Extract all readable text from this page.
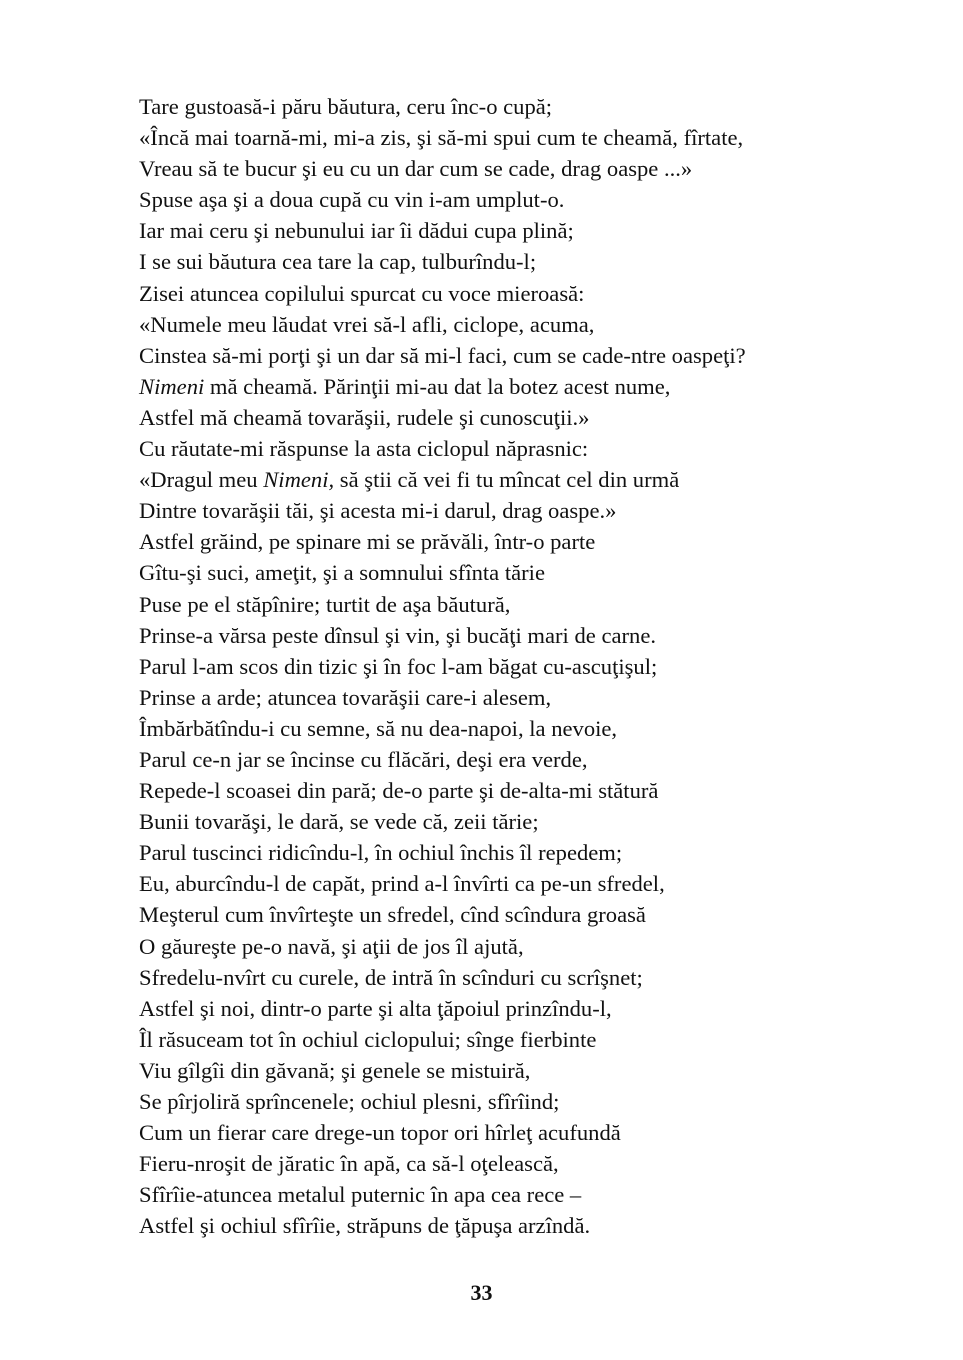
Tare gustoasă-i păru băutura, ceru înc-o cupă;
«Încă mai toarnă-mi, mi-a zis, şi să-mi spui cum te cheamă, fîrtate,
Vreau să te bucur şi eu cu un dar cum se cade, drag oaspe ...»
Spuse aşa şi a doua cupă cu vin i-am umplut-o.
Iar mai ceru şi nebunului iar îi dădui cupa plină;
I se sui băutura cea tare la cap, tulburîndu-l;
Zisei atuncea copilului spurcat cu voce mieroasă:
«Numele meu lăudat vrei să-l afli, ciclope, acuma,
Cinstea să-mi porţi şi un dar să mi-l faci, cum se cade-ntre oaspeţi?
Nimeni mă cheamă. Părinţii mi-au dat la botez acest nume,
Astfel mă cheamă tovarăşii, rudele şi cunoscuţii.»
Cu răutate-mi răspunse la asta ciclopul năprasnic:
«Dragul meu Nimeni, să ştii că vei fi tu mîncat cel din urmă
Dintre tovarăşii tăi, şi acesta mi-i darul, drag oaspe.»
Astfel grăind, pe spinare mi se prăvăli, într-o parte
Gîtu-şi suci, ameţit, şi a somnului sfînta tărie
Puse pe el stăpînire; turtit de aşa băutură,
Prinse-a vărsa peste dînsul şi vin, şi bucăţi mari de carne.
Parul l-am scos din tizic şi în foc l-am băgat cu-ascuţişul;
Prinse a arde; atuncea tovarăşii care-i alesem,
Îmbărbătîndu-i cu semne, să nu dea-napoi, la nevoie,
Parul ce-n jar se încinse cu flăcări, deşi era verde,
Repede-l scoasei din pară; de-o parte şi de-alta-mi stătură
Bunii tovarăşi, le dară, se vede că, zeii tărie;
Parul tuscinci ridicîndu-l, în ochiul închis îl repedem;
Eu, aburcîndu-l de capăt, prind a-l învîrti ca pe-un sfredel,
Meşterul cum învîrteşte un sfredel, cînd scîndura groasă
O găureşte pe-o navă, şi aţii de jos îl ajută,
Sfredelu-nvîrt cu curele, de intră în scînduri cu scrîşnet;
Astfel şi noi, dintr-o parte şi alta ţăpoiul prinzîndu-l,
Îl răsuceam tot în ochiul ciclopului; sînge fierbinte
Viu gîlgîi din găvană; şi genele se mistuiră,
Se pîrjoliră sprîncenele; ochiul plesni, sfîrîind;
Cum un fierar care drege-un topor ori hîrleţ acufundă
Fieru-nroşit de jăratic în apă, ca să-l oţelească,
Sfîrîie-atuncea metalul puternic în apa cea rece –
Astfel şi ochiul sfîrîie, străpuns de ţăpuşa arzîndă.
33
